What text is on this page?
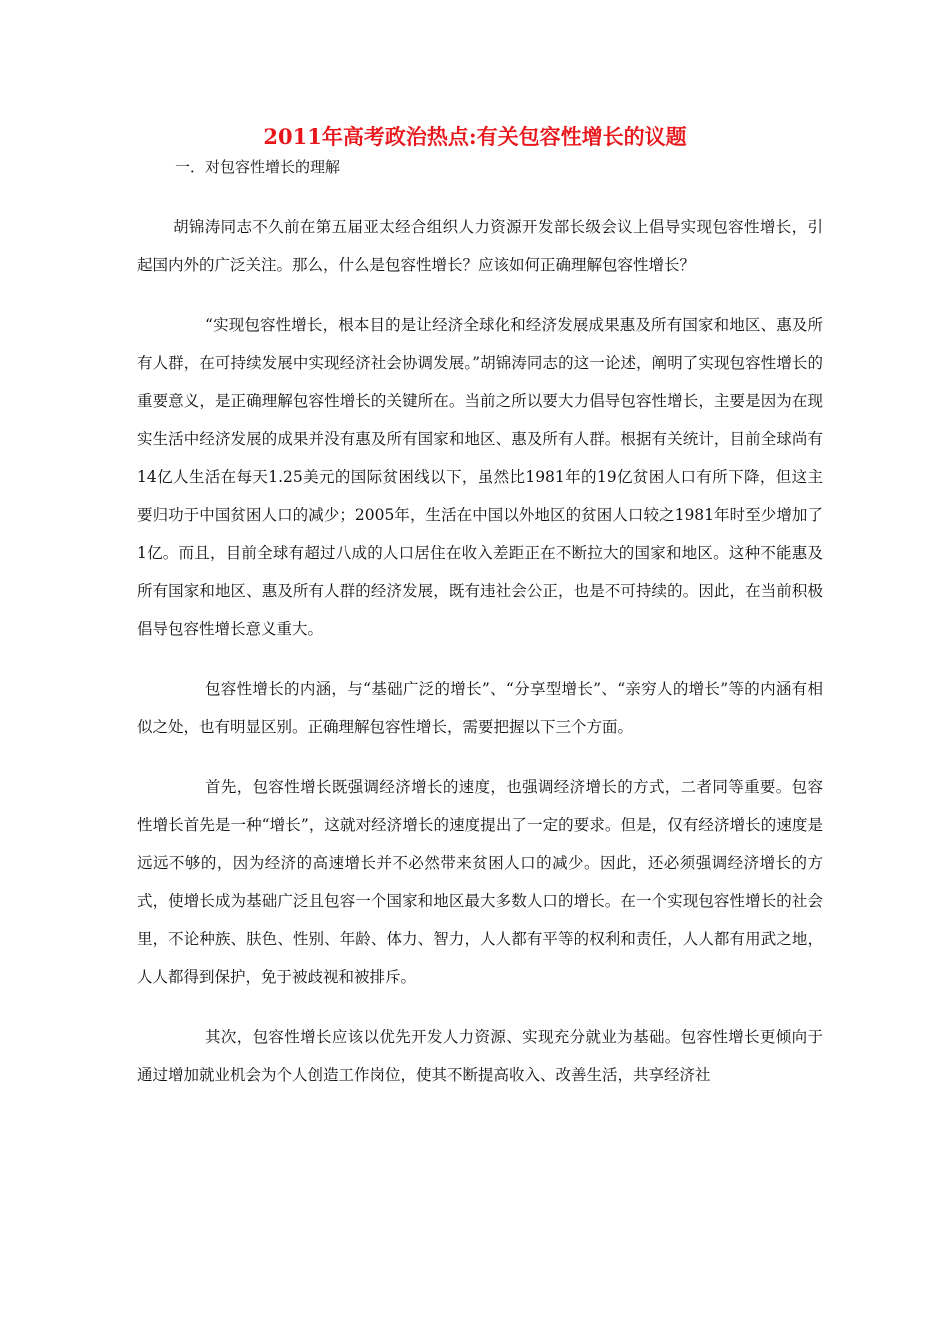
2011年高考政治热点:有关包容性增长的议题
一．对包容性增长的理解

胡锦涛同志不久前在第五届亚太经合组织人力资源开发部长级会议上倡导实现包容性增长，引起国内外的广泛关注。那么，什么是包容性增长？应该如何正确理解包容性增长？

“实现包容性增长，根本目的是让经济全球化和经济发展成果惠及所有国家和地区、惠及所有人群，在可持续发展中实现经济社会协调发展。”胡锦涛同志的这一论述，阐明了实现包容性增长的重要意义，是正确理解包容性增长的关键所在。当前之所以要大力倡导包容性增长，主要是因为在现实生活中经济发展的成果并没有惠及所有国家和地区、惠及所有人群。根据有关统计，目前全球尚有14亿人生活在每天1.25美元的国际贫困线以下，虽然比1981年的19亿贫困人口有所下降，但这主要归功于中国贫困人口的减少；2005年，生活在中国以外地区的贫困人口较之1981年时至少增加了1亿。而且，目前全球有超过八成的人口居住在收入差距正在不断拉大的国家和地区。这种不能惠及所有国家和地区、惠及所有人群的经济发展，既有违社会公正，也是不可持续的。因此，在当前积极倡导包容性增长意义重大。

包容性增长的内涵，与“基础广泛的增长”、“分享型增长”、“亲穷人的增长”等的内涵有相似之处，也有明显区别。正确理解包容性增长，需要把握以下三个方面。

首先，包容性增长既强调经济增长的速度，也强调经济增长的方式，二者同等重要。包容性增长首先是一种“增长”，这就对经济增长的速度提出了一定的要求。但是，仅有经济增长的速度是远远不够的，因为经济的高速增长并不必然带来贫困人口的减少。因此，还必须强调经济增长的方式，使增长成为基础广泛且包容一个国家和地区最大多数人口的增长。在一个实现包容性增长的社会里，不论种族、肤色、性别、年龄、体力、智力，人人都有平等的权利和责任，人人都有用武之地，人人都得到保护，免于被歧视和被排斥。

其次，包容性增长应该以优先开发人力资源、实现充分就业为基础。包容性增长更倾向于通过增加就业机会为个人创造工作岗位，使其不断提高收入、改善生活，共享经济社
